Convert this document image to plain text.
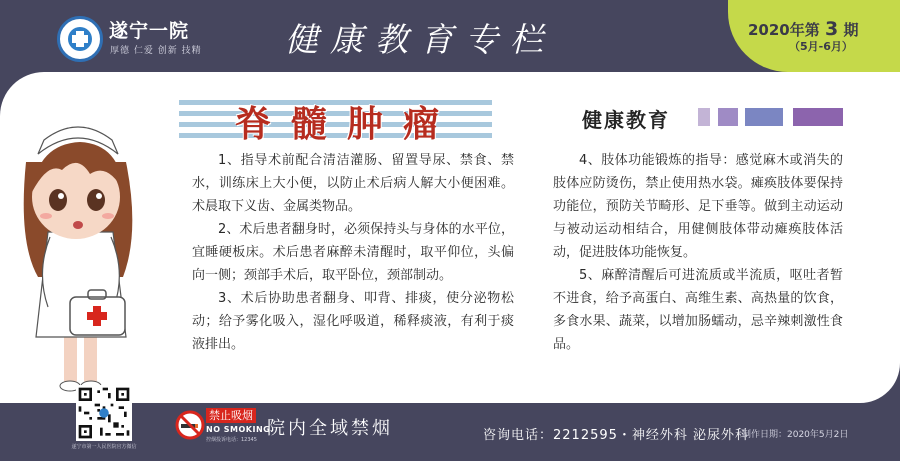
遂宁一院
厚德 仁爱 创新 技精	健康教育专栏	2020年第 3 期
（5月-6月）
脊髓肿瘤	健康教育

1、指导术前配合清洁灌肠、留置导尿、禁食、禁水，训练床上大小便，以防止术后病人解大小便困难。术晨取下义齿、金属类物品。

2、术后患者翻身时，必须保持头与身体的水平位，宜睡硬板床。术后患者麻醉未清醒时，取平仰位，头偏向一侧；颈部手术后，取平卧位，颈部制动。

3、术后协助患者翻身、叩背、排痰，使分泌物松动；给予雾化吸入，湿化呼吸道，稀释痰液，有利于痰液排出。

4、肢体功能锻炼的指导：感觉麻木或消失的肢体应防烫伤，禁止使用热水袋。瘫痪肢体要保持功能位，预防关节畸形、足下垂等。做到主动运动与被动运动相结合，用健侧肢体带动瘫痪肢体活动，促进肢体功能恢复。

5、麻醉清醒后可进流质或半流质，呕吐者暂不进食，给予高蛋白、高维生素、高热量的饮食，多食水果、蔬菜，以增加肠蠕动，忌辛辣刺激性食品。

遂宁市第一人民医院官方微信
禁止吸烟
NO SMOKING
控烟投诉电话：12345
院内全域禁烟	咨询电话：2212595・神经外科 泌尿外科
制作日期：2020年5月2日
